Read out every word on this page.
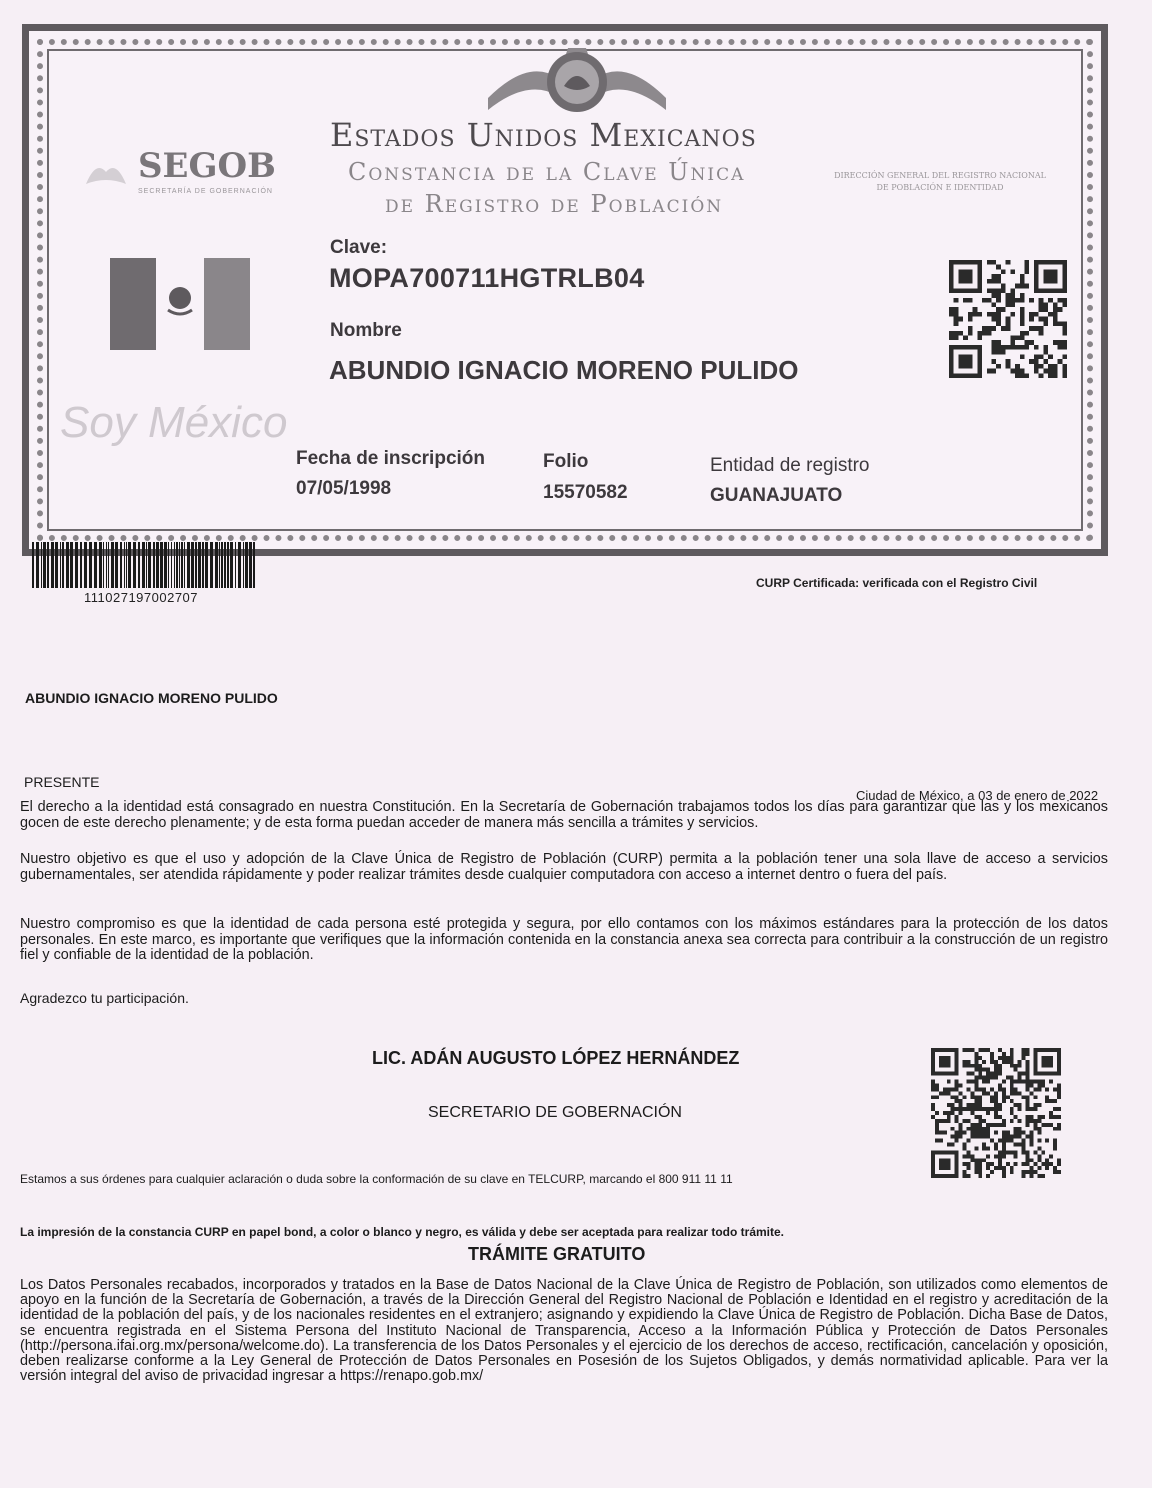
Estados Unidos Mexicanos
Constancia de la Clave Única
de Registro de Población
SEGOB
SECRETARÍA DE GOBERNACIÓN
DIRECCIÓN GENERAL DEL REGISTRO NACIONAL DE POBLACIÓN E IDENTIDAD
Clave:
MOPA700711HGTRLB04
Nombre
ABUNDIO IGNACIO MORENO PULIDO
Soy México
Fecha de inscripción
07/05/1998
Folio
15570582
Entidad de registro
GUANAJUATO
111027197002707
CURP Certificada: verificada con el Registro Civil
ABUNDIO IGNACIO MORENO PULIDO
PRESENTE
Ciudad de México, a 03 de enero de 2022
El derecho a la identidad está consagrado en nuestra Constitución. En la Secretaría de Gobernación trabajamos todos los días para garantizar que las y los mexicanos gocen de este derecho plenamente; y de esta forma puedan acceder de manera más sencilla a trámites y servicios.
Nuestro objetivo es que el uso y adopción de la Clave Única de Registro de Población (CURP) permita a la población tener una sola llave de acceso a servicios gubernamentales, ser atendida rápidamente y poder realizar trámites desde cualquier computadora con acceso a internet dentro o fuera del país.
Nuestro compromiso es que la identidad de cada persona esté protegida y segura, por ello contamos con los máximos estándares para la protección de los datos personales. En este marco, es importante que verifiques que la información contenida en la constancia anexa sea correcta para contribuir a la construcción de un registro fiel y confiable de la identidad de la población.
Agradezco tu participación.
LIC. ADÁN AUGUSTO LÓPEZ HERNÁNDEZ
SECRETARIO DE GOBERNACIÓN
Estamos a sus órdenes para cualquier aclaración o duda sobre la conformación de su clave en TELCURP, marcando el 800 911 11 11
La impresión de la constancia CURP en papel bond, a color o blanco y negro, es válida y debe ser aceptada para realizar todo trámite.
TRÁMITE GRATUITO
Los Datos Personales recabados, incorporados y tratados en la Base de Datos Nacional de la Clave Única de Registro de Población, son utilizados como elementos de apoyo en la función de la Secretaría de Gobernación, a través de la Dirección General del Registro Nacional de Población e Identidad en el registro y acreditación de la identidad de la población del país, y de los nacionales residentes en el extranjero; asignando y expidiendo la Clave Única de Registro de Población. Dicha Base de Datos, se encuentra registrada en el Sistema Persona del Instituto Nacional de Transparencia, Acceso a la Información Pública y Protección de Datos Personales (http://persona.ifai.org.mx/persona/welcome.do). La transferencia de los Datos Personales y el ejercicio de los derechos de acceso, rectificación, cancelación y oposición, deben realizarse conforme a la Ley General de Protección de Datos Personales en Posesión de los Sujetos Obligados, y demás normatividad aplicable. Para ver la versión integral del aviso de privacidad ingresar a https://renapo.gob.mx/
